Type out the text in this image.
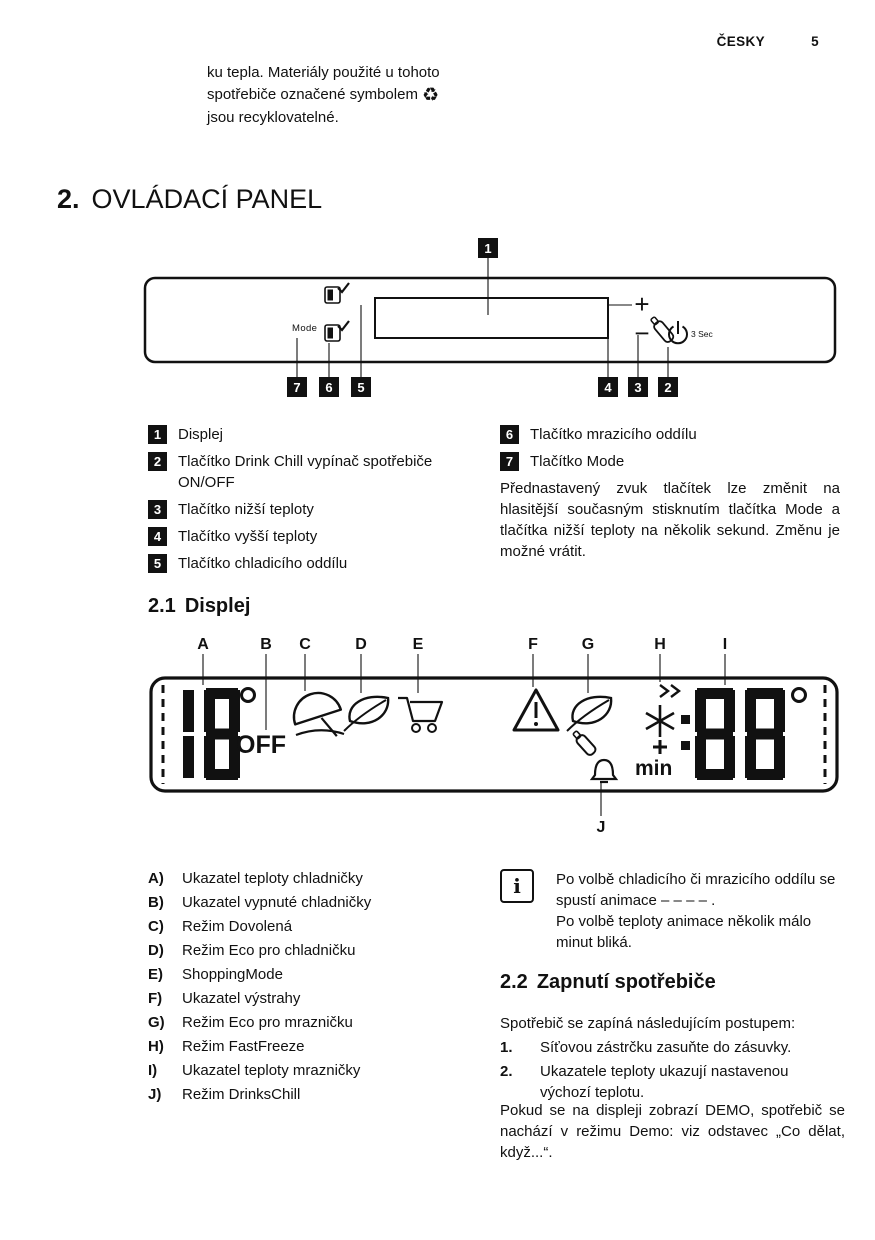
ČESKY	5
ku tepla. Materiály použité u tohoto
spotřebiče označené symbolem ♻
jsou recyklovatelné.
2. OVLÁDACÍ PANEL
1
Mode
+
−	3 Sec
7 6 5	4 3 2
1	Displej
2	Tlačítko Drink Chill vypínač spotřebiče ON/OFF
3	Tlačítko nižší teploty
4	Tlačítko vyšší teploty
5	Tlačítko chladicího oddílu
6	Tlačítko mrazicího oddílu
7	Tlačítko Mode
Přednastavený zvuk tlačítek lze změnit na hlasitější současným stisknutím tlačítka Mode a tlačítka nižší teploty na několik sekund. Změnu je možné vrátit.
2.1 Displej
A	B C	D	E	F	G	H	I
OFF
min
J
A)	Ukazatel teploty chladničky
B)	Ukazatel vypnuté chladničky
C)	Režim Dovolená
D)	Režim Eco pro chladničku
E)	ShoppingMode
F)	Ukazatel výstrahy
G)	Režim Eco pro mrazničku
H)	Režim FastFreeze
I)	Ukazatel teploty mrazničky
J)	Režim DrinksChill
i	Po volbě chladicího či mrazicího oddílu se spustí animace – – – – .

Po volbě teploty animace několik málo minut bliká.

2.2 Zapnutí spotřebiče
Spotřebič se zapíná následujícím postupem:
1.	Síťovou zástrčku zasuňte do zásuvky.
2.	Ukazatele teploty ukazují nastavenou výchozí teplotu.
Pokud se na displeji zobrazí DEMO, spotřebič se nachází v režimu Demo: viz odstavec „Co dělat, když...“.
